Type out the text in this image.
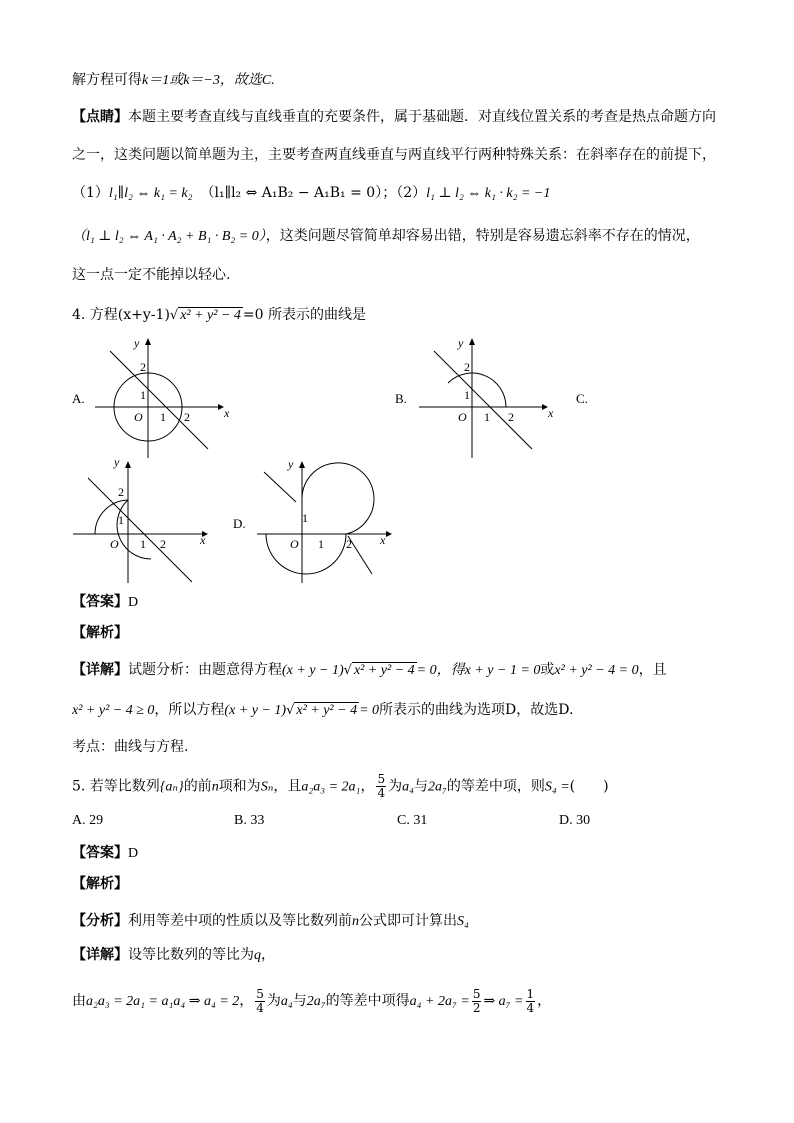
解方程可得k＝1或k＝−3，故选C.
【点睛】本题主要考查直线与直线垂直的充要条件，属于基础题．对直线位置关系的考查是热点命题方向
之一，这类问题以简单题为主，主要考查两直线垂直与两直线平行两种特殊关系：在斜率存在的前提下，
（1）l₁∥l₂ ⇔ k₁ = k₂ （l₁∥l₂ ⇔ A₁B₂ − A₁B₁ = 0）；（2）l₁ ⊥ l₂ ⇔ k₁ · k₂ = −1
（l₁ ⊥ l₂ ⇔ A₁ · A₂ + B₁ · B₂ = 0），这类问题尽管简单却容易出错，特别是容易遗忘斜率不存在的情况，
这一点一定不能掉以轻心.
4. 方程(x+y-1)√ x² + y² − 4 =0 所表示的曲线是
A.
x
y
O 1 2
1
2
B.
x
y
O 1 2
1
2
C.
x
y
O 1 2
1
2
D.
x
y
O 1 2
1
【答案】D
【解析】
【详解】试题分析：由题意得方程(x + y − 1)√ x² + y² − 4 = 0，得x + y − 1 = 0或x² + y² − 4 = 0，且
x² + y² − 4 ≥ 0，所以方程(x + y − 1)√ x² + y² − 4 = 0所表示的曲线为选项D，故选D.
考点：曲线与方程.
5. 若等比数列{aₙ}的前n项和为Sₙ，且a₂a₃ = 2a₁， $\frac{5}{4}$ 为a₄与2a₇的等差中项，则S₄ =(　　)
A. 29	B. 33	C. 31	D. 30
【答案】D
【解析】
【分析】利用等差中项的性质以及等比数列前n公式即可计算出S₄
【详解】设等比数列的等比为q，
由a₂a₃ = 2a₁ = a₁a₄ ⇒ a₄ = 2， $\frac{5}{4}$ 为a₄与2a₇的等差中项得$a_4 + 2a_7 = \frac{5}{2}$ ⇒ $a_7 = \frac{1}{4}$ ，
